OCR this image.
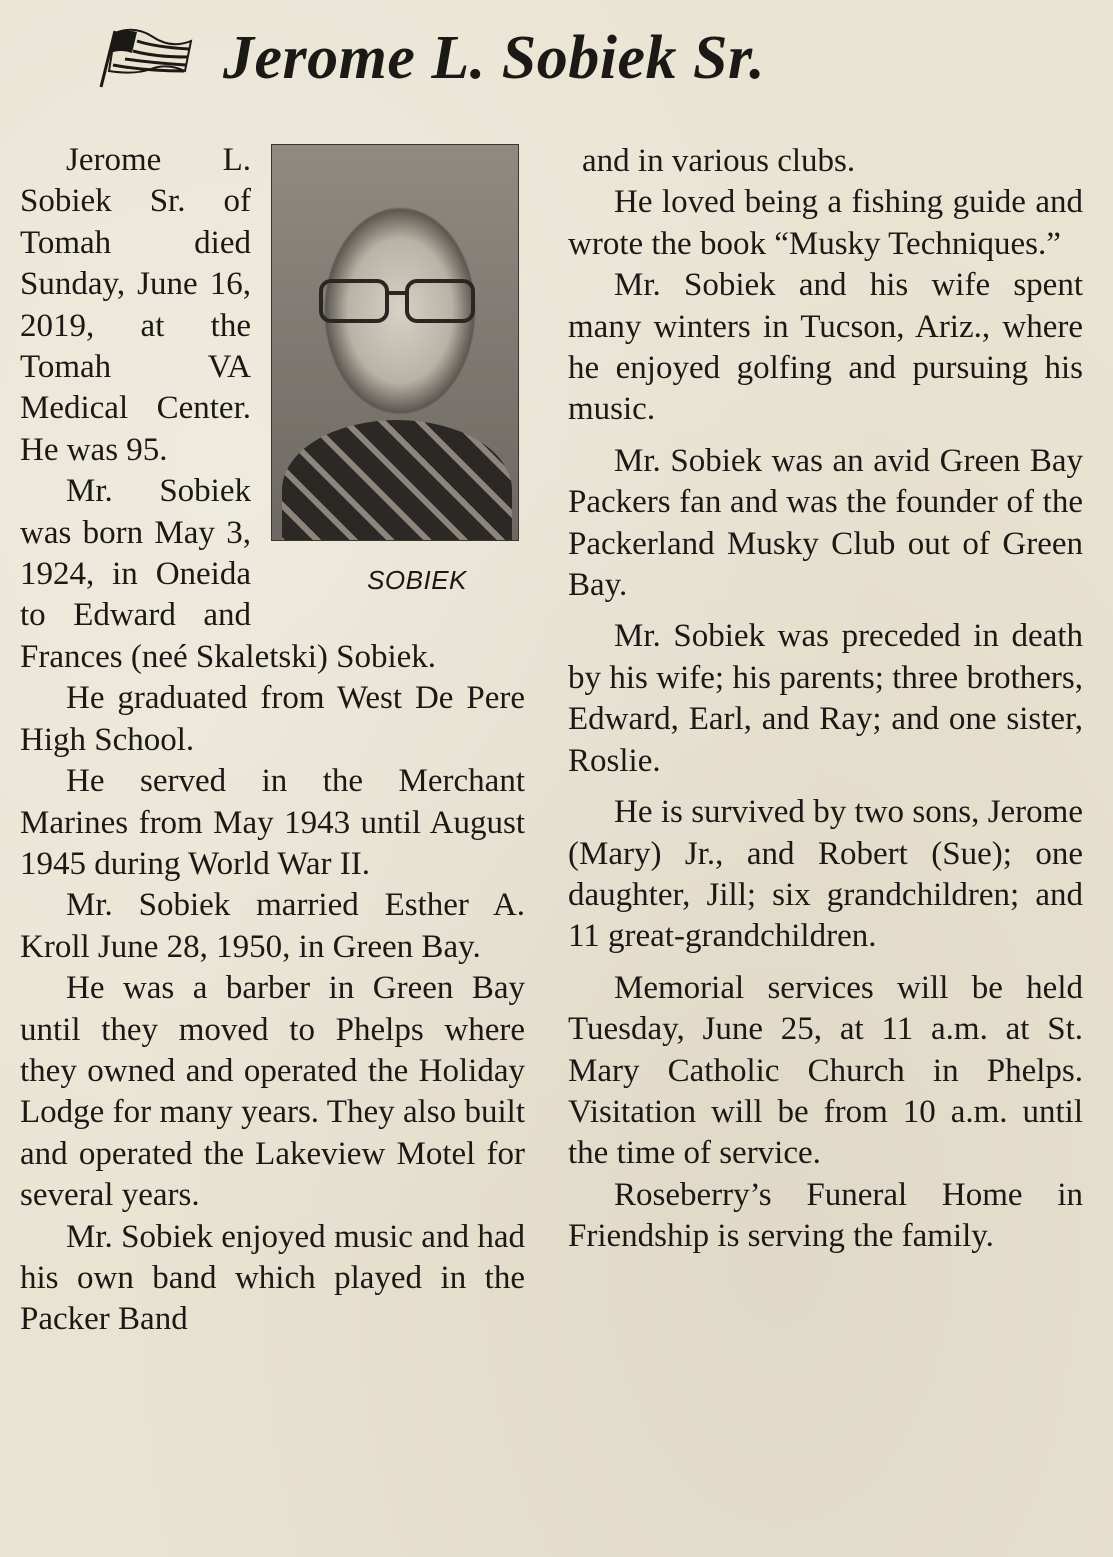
Jerome L. Sobiek Sr.
SOBIEK

Jerome L. Sobiek Sr. of Tomah died Sunday, June 16, 2019, at the Tomah VA Medical Center. He was 95.

Mr. Sobiek was born May 3, 1924, in Oneida to Edward and Frances (neé Skaletski) Sobiek.

He graduated from West De Pere High School.

He served in the Merchant Marines from May 1943 until August 1945 during World War II.

Mr. Sobiek married Esther A. Kroll June 28, 1950, in Green Bay.

He was a barber in Green Bay until they moved to Phelps where they owned and operated the Holiday Lodge for many years. They also built and operated the Lakeview Motel for several years.

Mr. Sobiek enjoyed music and had his own band which played in the Packer Band

and in various clubs.

He loved being a fishing guide and wrote the book “Musky Techniques.”

Mr. Sobiek and his wife spent many winters in Tucson, Ariz., where he enjoyed golfing and pursuing his music.

Mr. Sobiek was an avid Green Bay Packers fan and was the founder of the Packerland Musky Club out of Green Bay.

Mr. Sobiek was preceded in death by his wife; his parents; three brothers, Edward, Earl, and Ray; and one sister, Roslie.

He is survived by two sons, Jerome (Mary) Jr., and Robert (Sue); one daughter, Jill; six grandchildren; and 11 great-grandchildren.

Memorial services will be held Tuesday, June 25, at 11 a.m. at St. Mary Catholic Church in Phelps. Visitation will be from 10 a.m. until the time of service.

Roseberry’s Funeral Home in Friendship is serving the family.
